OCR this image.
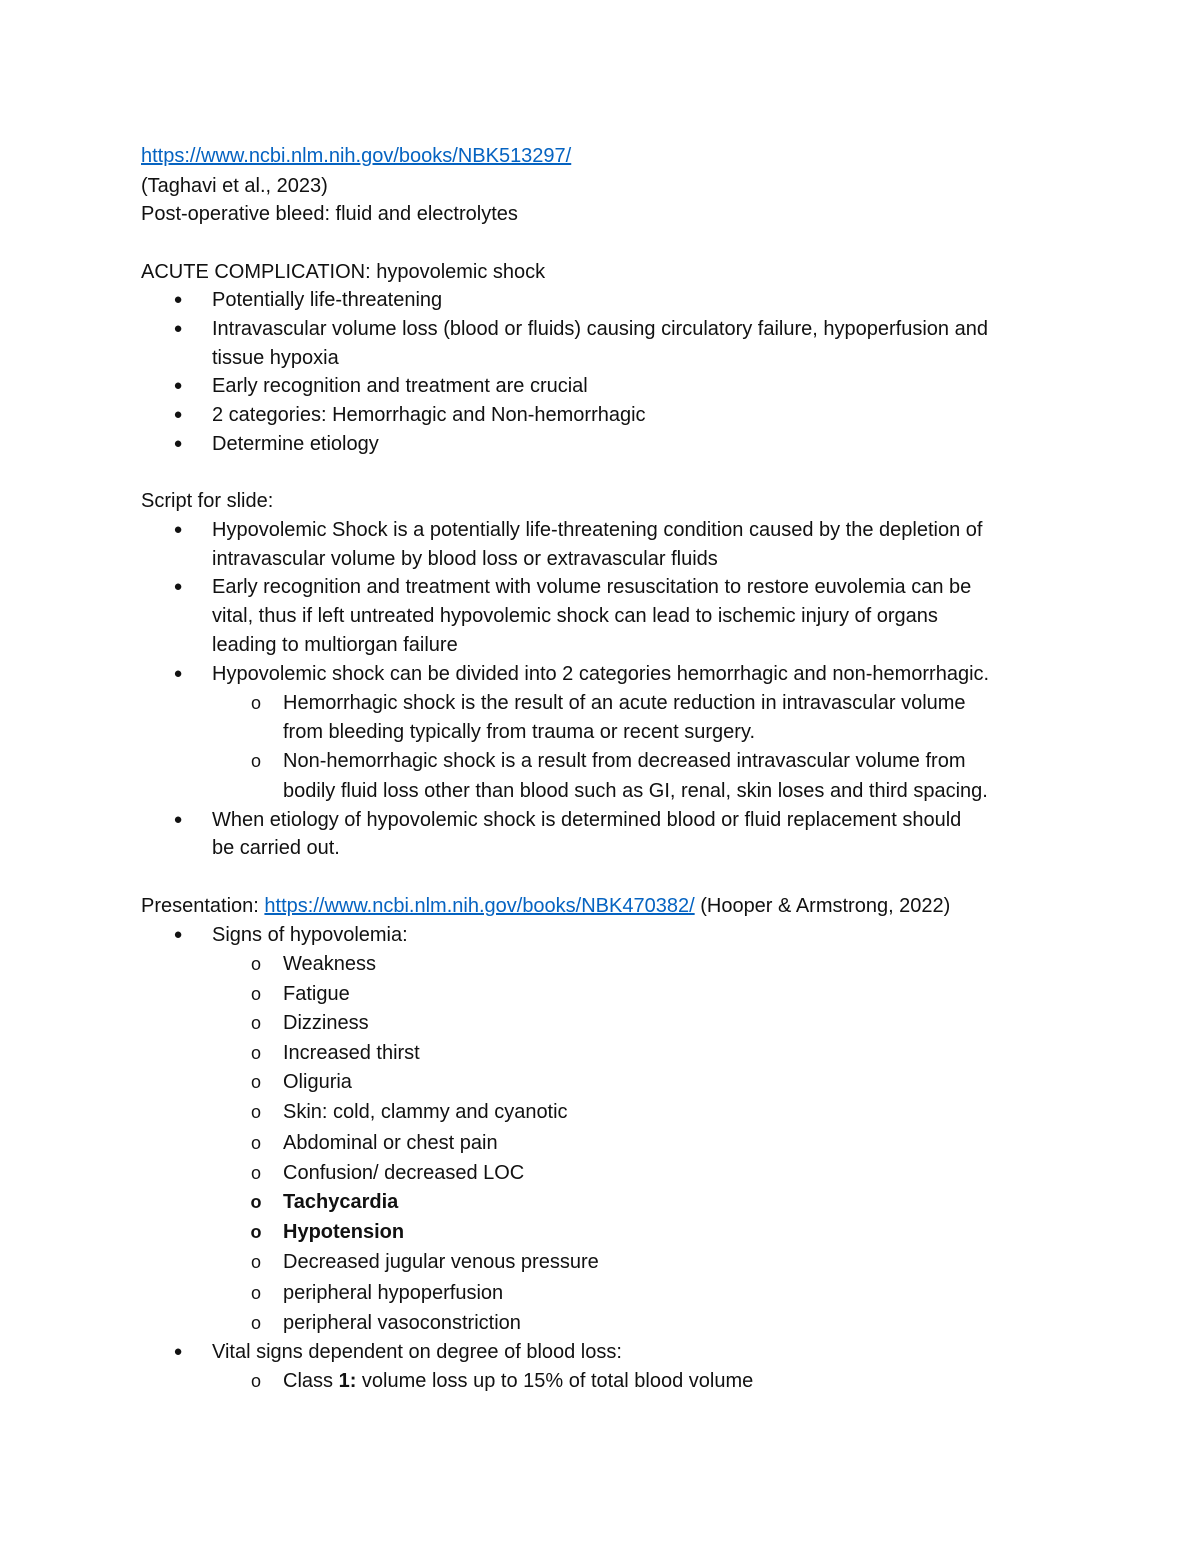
https://www.ncbi.nlm.nih.gov/books/NBK513297/
(Taghavi et al., 2023)
Post-operative bleed: fluid and electrolytes
ACUTE COMPLICATION: hypovolemic shock
● Potentially life-threatening
● Intravascular volume loss (blood or fluids) causing circulatory failure, hypoperfusion and
tissue hypoxia
● Early recognition and treatment are crucial
● 2 categories: Hemorrhagic and Non-hemorrhagic
● Determine etiology
Script for slide:
● Hypovolemic Shock is a potentially life-threatening condition caused by the depletion of
intravascular volume by blood loss or extravascular fluids
● Early recognition and treatment with volume resuscitation to restore euvolemia can be
vital, thus if left untreated hypovolemic shock can lead to ischemic injury of organs
leading to multiorgan failure
● Hypovolemic shock can be divided into 2 categories hemorrhagic and non-hemorrhagic.
o Hemorrhagic shock is the result of an acute reduction in intravascular volume
from bleeding typically from trauma or recent surgery.
o Non-hemorrhagic shock is a result from decreased intravascular volume from
bodily fluid loss other than blood such as GI, renal, skin loses and third spacing.
● When etiology of hypovolemic shock is determined blood or fluid replacement should
be carried out.
Presentation: https://www.ncbi.nlm.nih.gov/books/NBK470382/ (Hooper & Armstrong, 2022)
● Signs of hypovolemia:
o Weakness
o Fatigue
o Dizziness
o Increased thirst
o Oliguria
o Skin: cold, clammy and cyanotic
o Abdominal or chest pain
o Confusion/ decreased LOC
o Tachycardia
o Hypotension
o Decreased jugular venous pressure
o peripheral hypoperfusion
o peripheral vasoconstriction
● Vital signs dependent on degree of blood loss:
o Class 1: volume loss up to 15% of total blood volume
